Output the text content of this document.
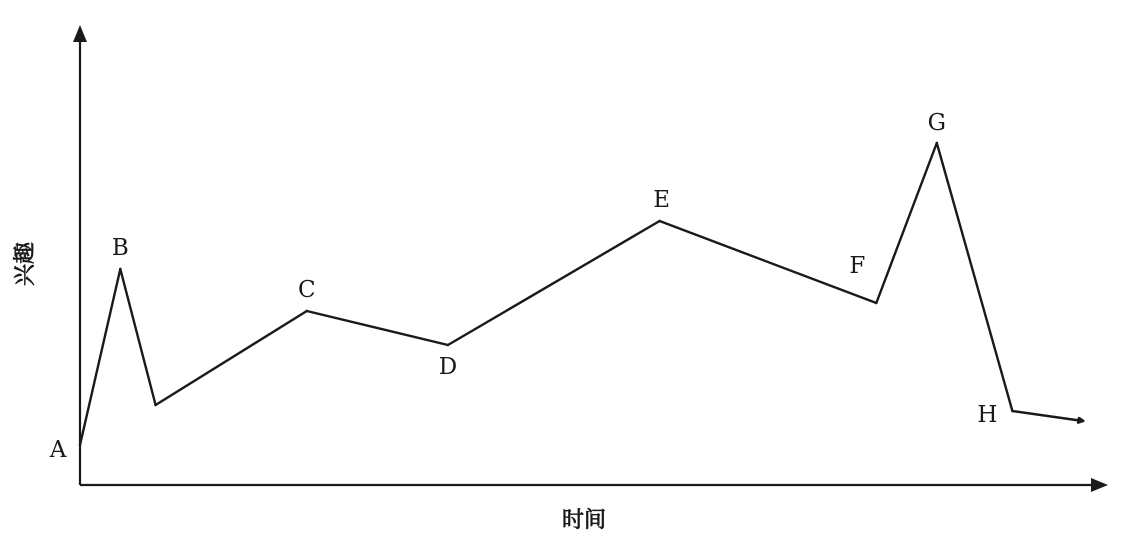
兴趣
时间
A
B
C
D
E
F
G
H
